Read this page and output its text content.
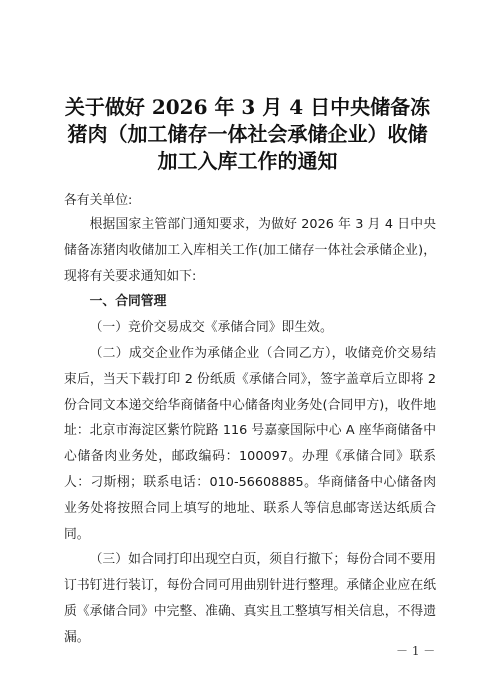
关于做好 2026 年 3 月 4 日中央储备冻猪肉（加工储存一体社会承储企业）收储加工入库工作的通知
各有关单位:

根据国家主管部门通知要求，为做好 2026 年 3 月 4 日中央储备冻猪肉收储加工入库相关工作(加工储存一体社会承储企业)，现将有关要求通知如下:

一、合同管理

（一）竞价交易成交《承储合同》即生效。

（二）成交企业作为承储企业（合同乙方），收储竞价交易结束后，当天下载打印 2 份纸质《承储合同》，签字盖章后立即将 2 份合同文本递交给华商储备中心储备肉业务处(合同甲方)，收件地址：北京市海淀区紫竹院路 116 号嘉豪国际中心 A 座华商储备中心储备肉业务处，邮政编码：100097。办理《承储合同》联系人：刁斯栩；联系电话：010-56608885。华商储备中心储备肉业务处将按照合同上填写的地址、联系人等信息邮寄送达纸质合同。

（三）如合同打印出现空白页，须自行撤下；每份合同不要用订书钉进行装订，每份合同可用曲别针进行整理。承储企业应在纸质《承储合同》中完整、准确、真实且工整填写相关信息，不得遗漏。

－ 1 －
